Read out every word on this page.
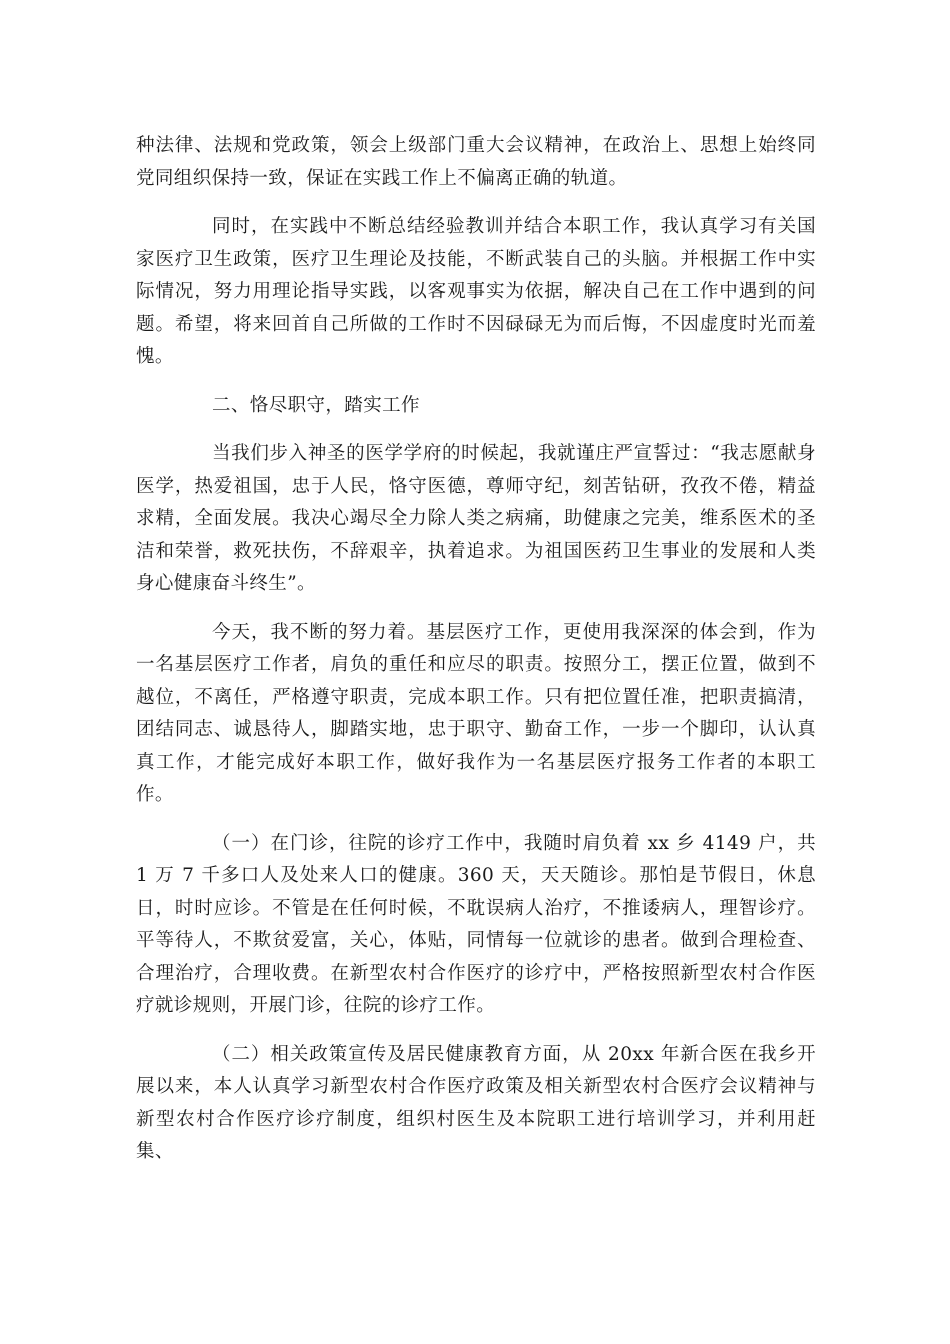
种法律、法规和党政策，领会上级部门重大会议精神，在政治上、思想上始终同党同组织保持一致，保证在实践工作上不偏离正确的轨道。

同时，在实践中不断总结经验教训并结合本职工作，我认真学习有关国家医疗卫生政策，医疗卫生理论及技能，不断武装自己的头脑。并根据工作中实际情况，努力用理论指导实践，以客观事实为依据，解决自己在工作中遇到的问题。希望，将来回首自己所做的工作时不因碌碌无为而后悔，不因虚度时光而羞愧。

二、恪尽职守，踏实工作

当我们步入神圣的医学学府的时候起，我就谨庄严宣誓过：“我志愿献身医学，热爱祖国，忠于人民，恪守医德，尊师守纪，刻苦钻研，孜孜不倦，精益求精，全面发展。我决心竭尽全力除人类之病痛，助健康之完美，维系医术的圣洁和荣誉，救死扶伤，不辞艰辛，执着追求。为祖国医药卫生事业的发展和人类身心健康奋斗终生”。

今天，我不断的努力着。基层医疗工作，更使用我深深的体会到，作为一名基层医疗工作者，肩负的重任和应尽的职责。按照分工，摆正位置，做到不越位，不离任，严格遵守职责，完成本职工作。只有把位置任准，把职责搞清，团结同志、诚恳待人，脚踏实地，忠于职守、勤奋工作，一步一个脚印，认认真真工作，才能完成好本职工作，做好我作为一名基层医疗报务工作者的本职工作。

（一）在门诊，往院的诊疗工作中，我随时肩负着 xx 乡 4149 户，共 1 万 7 千多口人及处来人口的健康。360 天，天天随诊。那怕是节假日，休息日，时时应诊。不管是在任何时候，不耽误病人治疗，不推诿病人，理智诊疗。平等待人，不欺贫爱富，关心，体贴，同情每一位就诊的患者。做到合理检查、合理治疗，合理收费。在新型农村合作医疗的诊疗中，严格按照新型农村合作医疗就诊规则，开展门诊，往院的诊疗工作。

（二）相关政策宣传及居民健康教育方面，从 20xx 年新合医在我乡开展以来，本人认真学习新型农村合作医疗政策及相关新型农村合医疗会议精神与新型农村合作医疗诊疗制度，组织村医生及本院职工进行培训学习，并利用赶集、
